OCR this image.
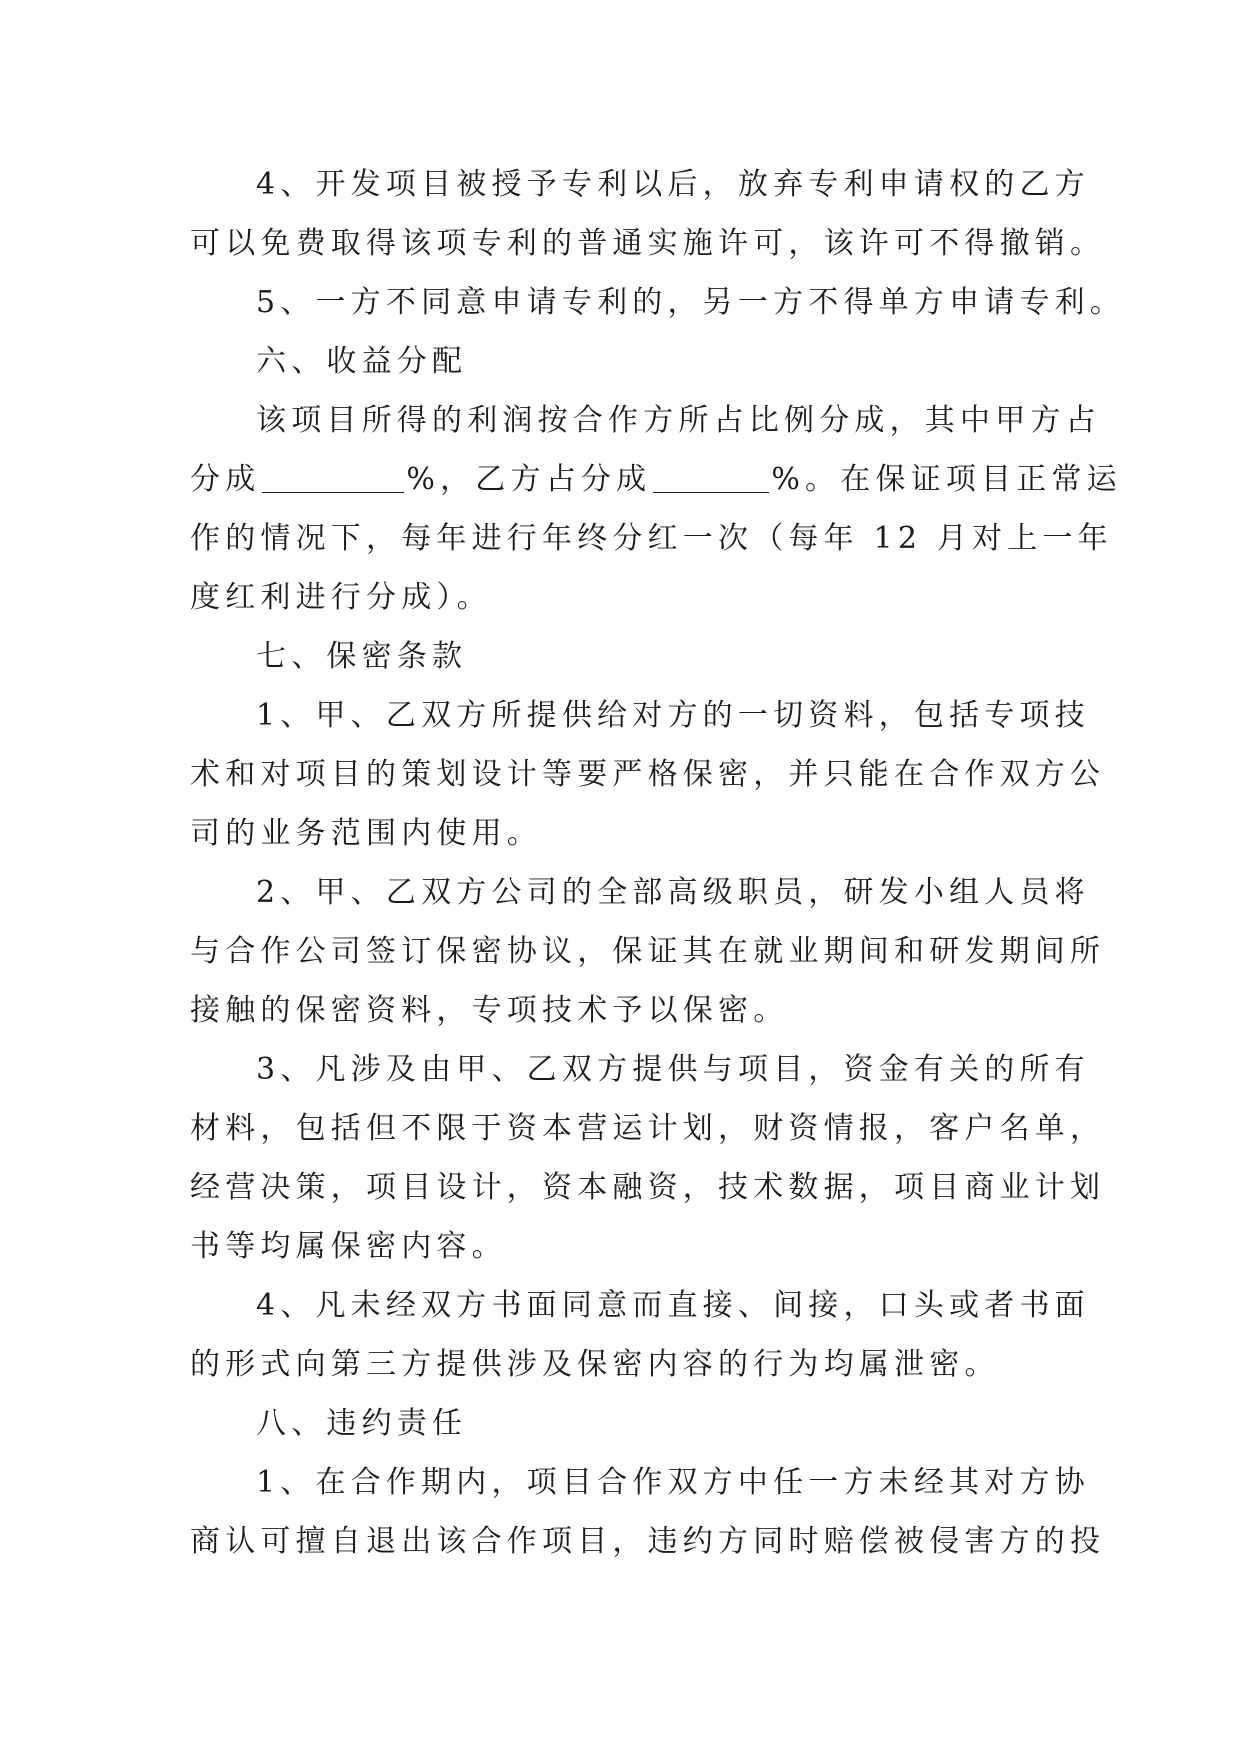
4、开发项目被授予专利以后，放弃专利申请权的乙方
可以免费取得该项专利的普通实施许可，该许可不得撤销。
5、一方不同意申请专利的，另一方不得单方申请专利。
六、收益分配
该项目所得的利润按合作方所占比例分成，其中甲方占
分成	%，乙方占分成	%。在保证项目正常运
作的情况下，每年进行年终分红一次（每年 12 月对上一年
度红利进行分成）。
七、保密条款
1、甲、乙双方所提供给对方的一切资料，包括专项技
术和对项目的策划设计等要严格保密，并只能在合作双方公
司的业务范围内使用。
2、甲、乙双方公司的全部高级职员，研发小组人员将
与合作公司签订保密协议，保证其在就业期间和研发期间所
接触的保密资料，专项技术予以保密。
3、凡涉及由甲、乙双方提供与项目，资金有关的所有
材料，包括但不限于资本营运计划，财资情报，客户名单，
经营决策，项目设计，资本融资，技术数据，项目商业计划
书等均属保密内容。
4、凡未经双方书面同意而直接、间接，口头或者书面
的形式向第三方提供涉及保密内容的行为均属泄密。
八、违约责任
1、在合作期内，项目合作双方中任一方未经其对方协
商认可擅自退出该合作项目，违约方同时赔偿被侵害方的投
